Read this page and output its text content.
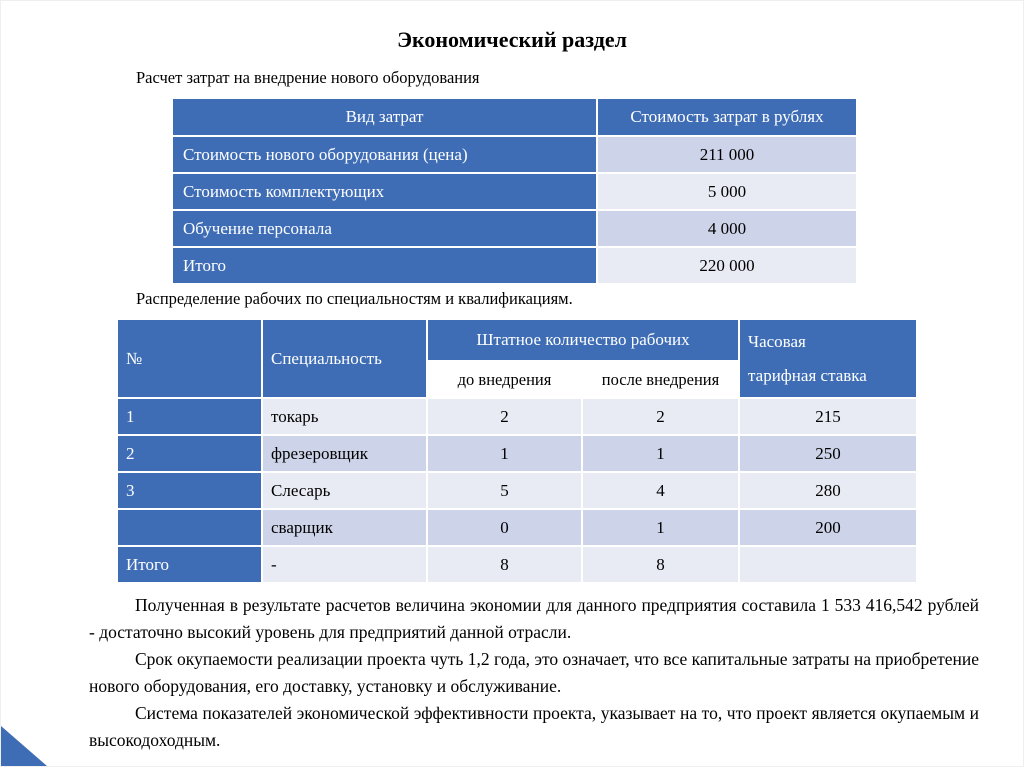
Экономический раздел
Расчет затрат на внедрение нового оборудования
Вид затрат	Стоимость затрат в рублях
Стоимость нового оборудования (цена)	211 000
Стоимость комплектующих	5 000
Обучение персонала	4 000
Итого	220 000
Распределение рабочих по специальностям и квалификациям.
№	Специальность	Штатное количество рабочих		Часовая
тарифная ставка

		до внедрения	после внедрения	
1	токарь	2	2	215
2	фрезеровщик	1	1	250
3	Слесарь	5	4	280
	сварщик	0	1	200
Итого	-	8	8	

Полученная в результате расчетов величина экономии для данного предприятия составила 1 533 416,542 рублей - достаточно высокий уровень для предприятий данной отрасли.

Срок окупаемости реализации проекта чуть 1,2 года, это означает, что все капитальные затраты на приобретение нового оборудования, его доставку, установку и обслуживание.

Система показателей экономической эффективности проекта, указывает на то, что проект является окупаемым и высокодоходным.
